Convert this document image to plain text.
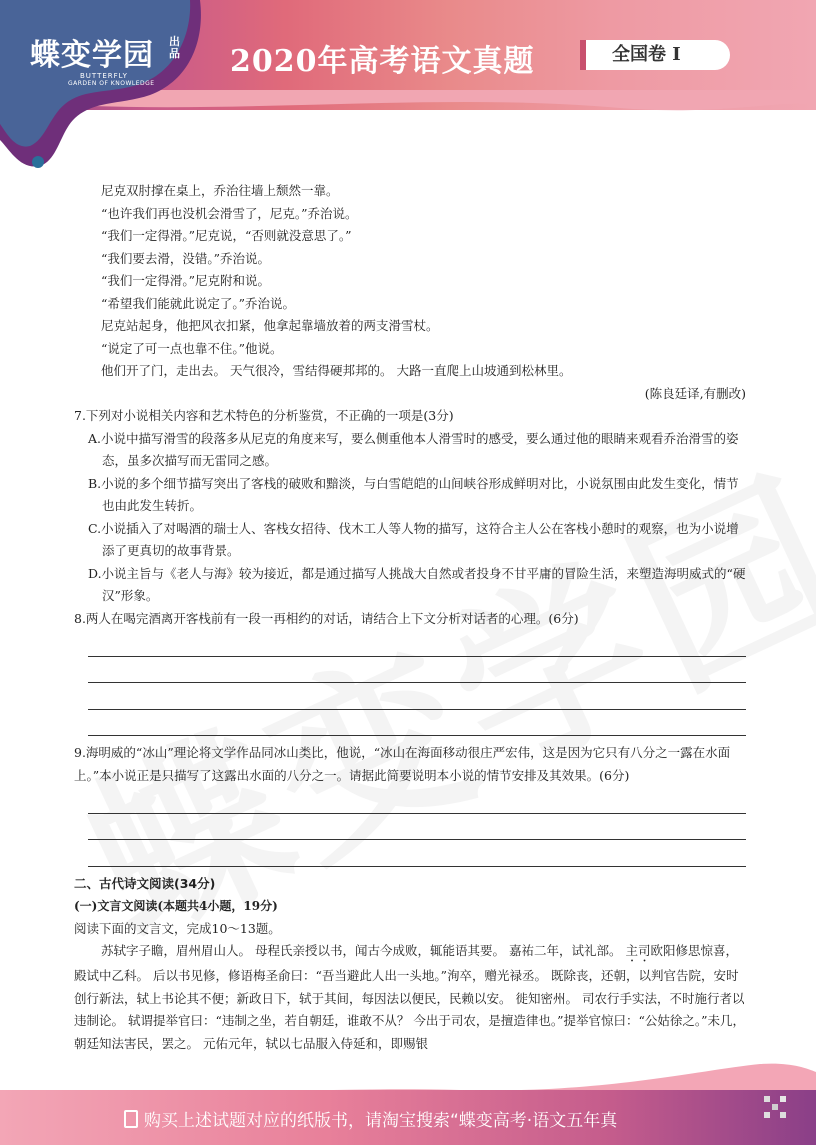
蝶变学园 出品
BUTTERFLY
GARDEN OF KNOWLEDGE
2020年高考语文真题	全国卷 I

尼克双肘撑在桌上，乔治往墙上颓然一靠。

“也许我们再也没机会滑雪了，尼克。”乔治说。

“我们一定得滑。”尼克说，“否则就没意思了。”

“我们要去滑，没错。”乔治说。

“我们一定得滑。”尼克附和说。

“希望我们能就此说定了。”乔治说。

尼克站起身，他把风衣扣紧，他拿起靠墙放着的两支滑雪杖。

“说定了可一点也靠不住。”他说。

他们开了门，走出去。 天气很冷，雪结得硬邦邦的。 大路一直爬上山坡通到松林里。

(陈良廷译,有删改)

7.下列对小说相关内容和艺术特色的分析鉴赏，不正确的一项是(3分)

A.小说中描写滑雪的段落多从尼克的角度来写，要么侧重他本人滑雪时的感受，要么通过他的眼睛来观看乔治滑雪的姿态，虽多次描写而无雷同之感。

B.小说的多个细节描写突出了客栈的破败和黯淡，与白雪皑皑的山间峡谷形成鲜明对比，小说氛围由此发生变化，情节也由此发生转折。

C.小说插入了对喝酒的瑞士人、客栈女招待、伐木工人等人物的描写，这符合主人公在客栈小憩时的观察，也为小说增添了更真切的故事背景。

D.小说主旨与《老人与海》较为接近，都是通过描写人挑战大自然或者投身不甘平庸的冒险生活，来塑造海明威式的“硬汉”形象。

8.两人在喝完酒离开客栈前有一段一再相约的对话，请结合上下文分析对话者的心理。(6分)

9.海明威的“冰山”理论将文学作品同冰山类比，他说，“冰山在海面移动很庄严宏伟，这是因为它只有八分之一露在水面上。”本小说正是只描写了这露出水面的八分之一。请据此简要说明本小说的情节安排及其效果。(6分)

二、古代诗文阅读(34分)

(一)文言文阅读(本题共4小题，19分)

阅读下面的文言文，完成10～13题。

苏轼字子瞻，眉州眉山人。 母程氏亲授以书，闻古今成败，辄能语其要。 嘉祐二年，试礼部。 主司欧阳修思惊喜，殿试中乙科。 后以书见修，修语梅圣俞曰：“吾当避此人出一头地。”洵卒，赠光禄丞。 既除丧，还朝，以判官告院，安时创行新法，轼上书论其不便；新政日下，轼于其间，每因法以便民，民赖以安。 徙知密州。 司农行手实法，不时施行者以违制论。 轼谓提举官曰：“违制之坐，若自朝廷，谁敢不从？ 今出于司农，是擅造律也。”提举官惊曰：“公姑徐之。”未几，朝廷知法害民，罢之。 元佑元年，轼以七品服入侍延和，即赐银

购买上述试题对应的纸版书，请淘宝搜索“蝶变高考·语文五年真
